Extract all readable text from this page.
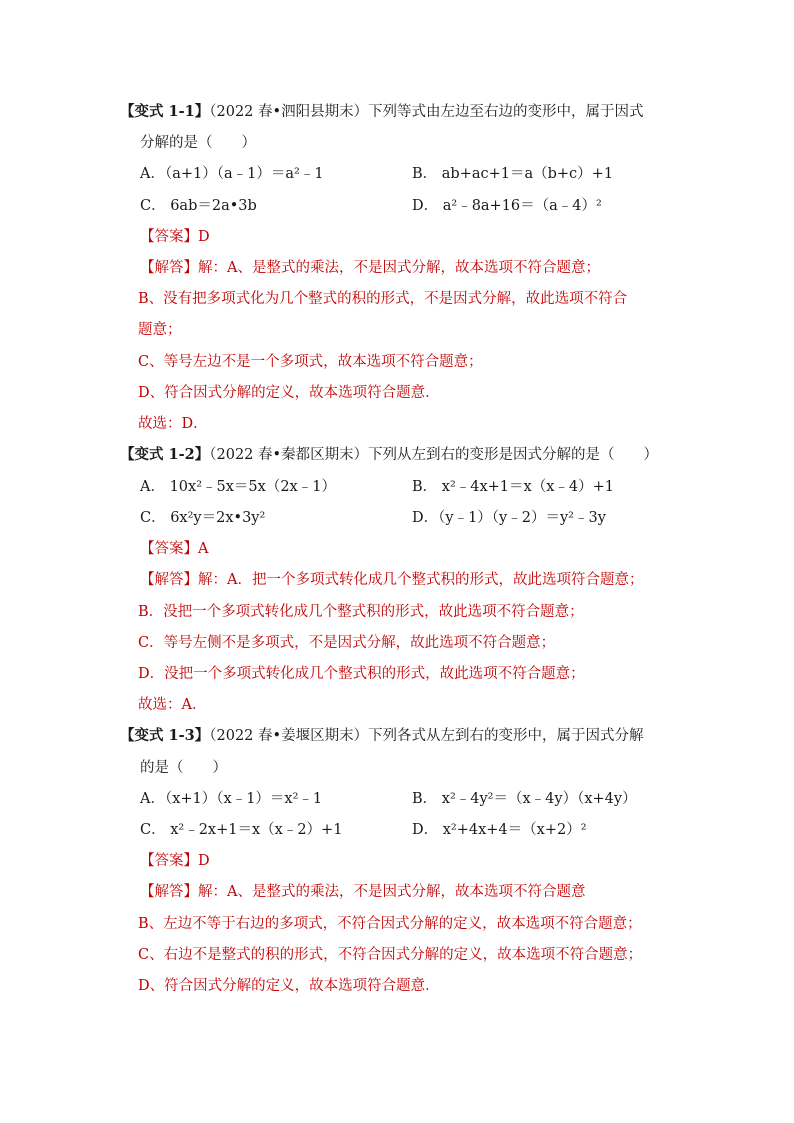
【变式 1-1】（2022 春•泗阳县期末）下列等式由左边至右边的变形中，属于因式
分解的是（　　）
A．（a+1）（a﹣1）＝a²﹣1	B． ab+ac+1＝a（b+c）+1
C． 6ab＝2a•3b	D． a²﹣8a+16＝（a﹣4）²
【答案】D
【解答】解：A、是整式的乘法，不是因式分解，故本选项不符合题意；
B、没有把多项式化为几个整式的积的形式，不是因式分解，故此选项不符合
题意；
C、等号左边不是一个多项式，故本选项不符合题意；
D、符合因式分解的定义，故本选项符合题意．
故选：D．
【变式 1-2】（2022 春•秦都区期末）下列从左到右的变形是因式分解的是（　　）
A． 10x²﹣5x＝5x（2x﹣1）	B． x²﹣4x+1＝x（x﹣4）+1
C． 6x²y＝2x•3y²	D．（y﹣1）（y﹣2）＝y²﹣3y
【答案】A
【解答】解：A．把一个多项式转化成几个整式积的形式，故此选项符合题意；
B．没把一个多项式转化成几个整式积的形式，故此选项不符合题意；
C．等号左侧不是多项式，不是因式分解，故此选项不符合题意；
D．没把一个多项式转化成几个整式积的形式，故此选项不符合题意；
故选：A．
【变式 1-3】（2022 春•姜堰区期末）下列各式从左到右的变形中，属于因式分解
的是（　　）
A．（x+1）（x﹣1）＝x²﹣1	B． x²﹣4y²＝（x﹣4y）（x+4y）
C． x²﹣2x+1＝x（x﹣2）+1	D． x²+4x+4＝（x+2）²
【答案】D
【解答】解：A、是整式的乘法，不是因式分解，故本选项不符合题意
B、左边不等于右边的多项式，不符合因式分解的定义，故本选项不符合题意；
C、右边不是整式的积的形式，不符合因式分解的定义，故本选项不符合题意；
D、符合因式分解的定义，故本选项符合题意．
